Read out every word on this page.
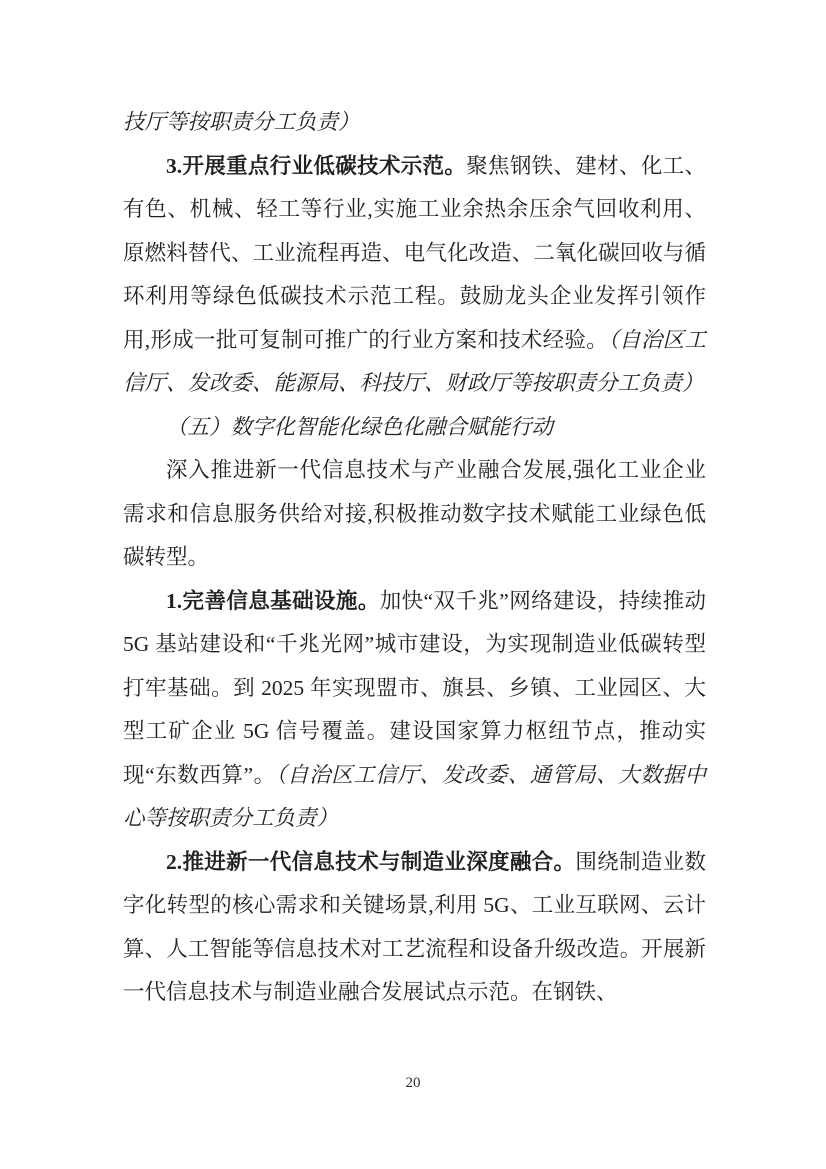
技厅等按职责分工负责）

3.开展重点行业低碳技术示范。聚焦钢铁、建材、化工、有色、机械、轻工等行业,实施工业余热余压余气回收利用、原燃料替代、工业流程再造、电气化改造、二氧化碳回收与循环利用等绿色低碳技术示范工程。鼓励龙头企业发挥引领作用,形成一批可复制可推广的行业方案和技术经验。（自治区工信厅、发改委、能源局、科技厅、财政厅等按职责分工负责）

（五）数字化智能化绿色化融合赋能行动

深入推进新一代信息技术与产业融合发展,强化工业企业需求和信息服务供给对接,积极推动数字技术赋能工业绿色低碳转型。

1.完善信息基础设施。加快“双千兆”网络建设，持续推动 5G 基站建设和“千兆光网”城市建设，为实现制造业低碳转型打牢基础。到 2025 年实现盟市、旗县、乡镇、工业园区、大型工矿企业 5G 信号覆盖。建设国家算力枢纽节点，推动实现“东数西算”。（自治区工信厅、发改委、通管局、大数据中心等按职责分工负责）

2.推进新一代信息技术与制造业深度融合。围绕制造业数字化转型的核心需求和关键场景,利用 5G、工业互联网、云计算、人工智能等信息技术对工艺流程和设备升级改造。开展新一代信息技术与制造业融合发展试点示范。在钢铁、

20
